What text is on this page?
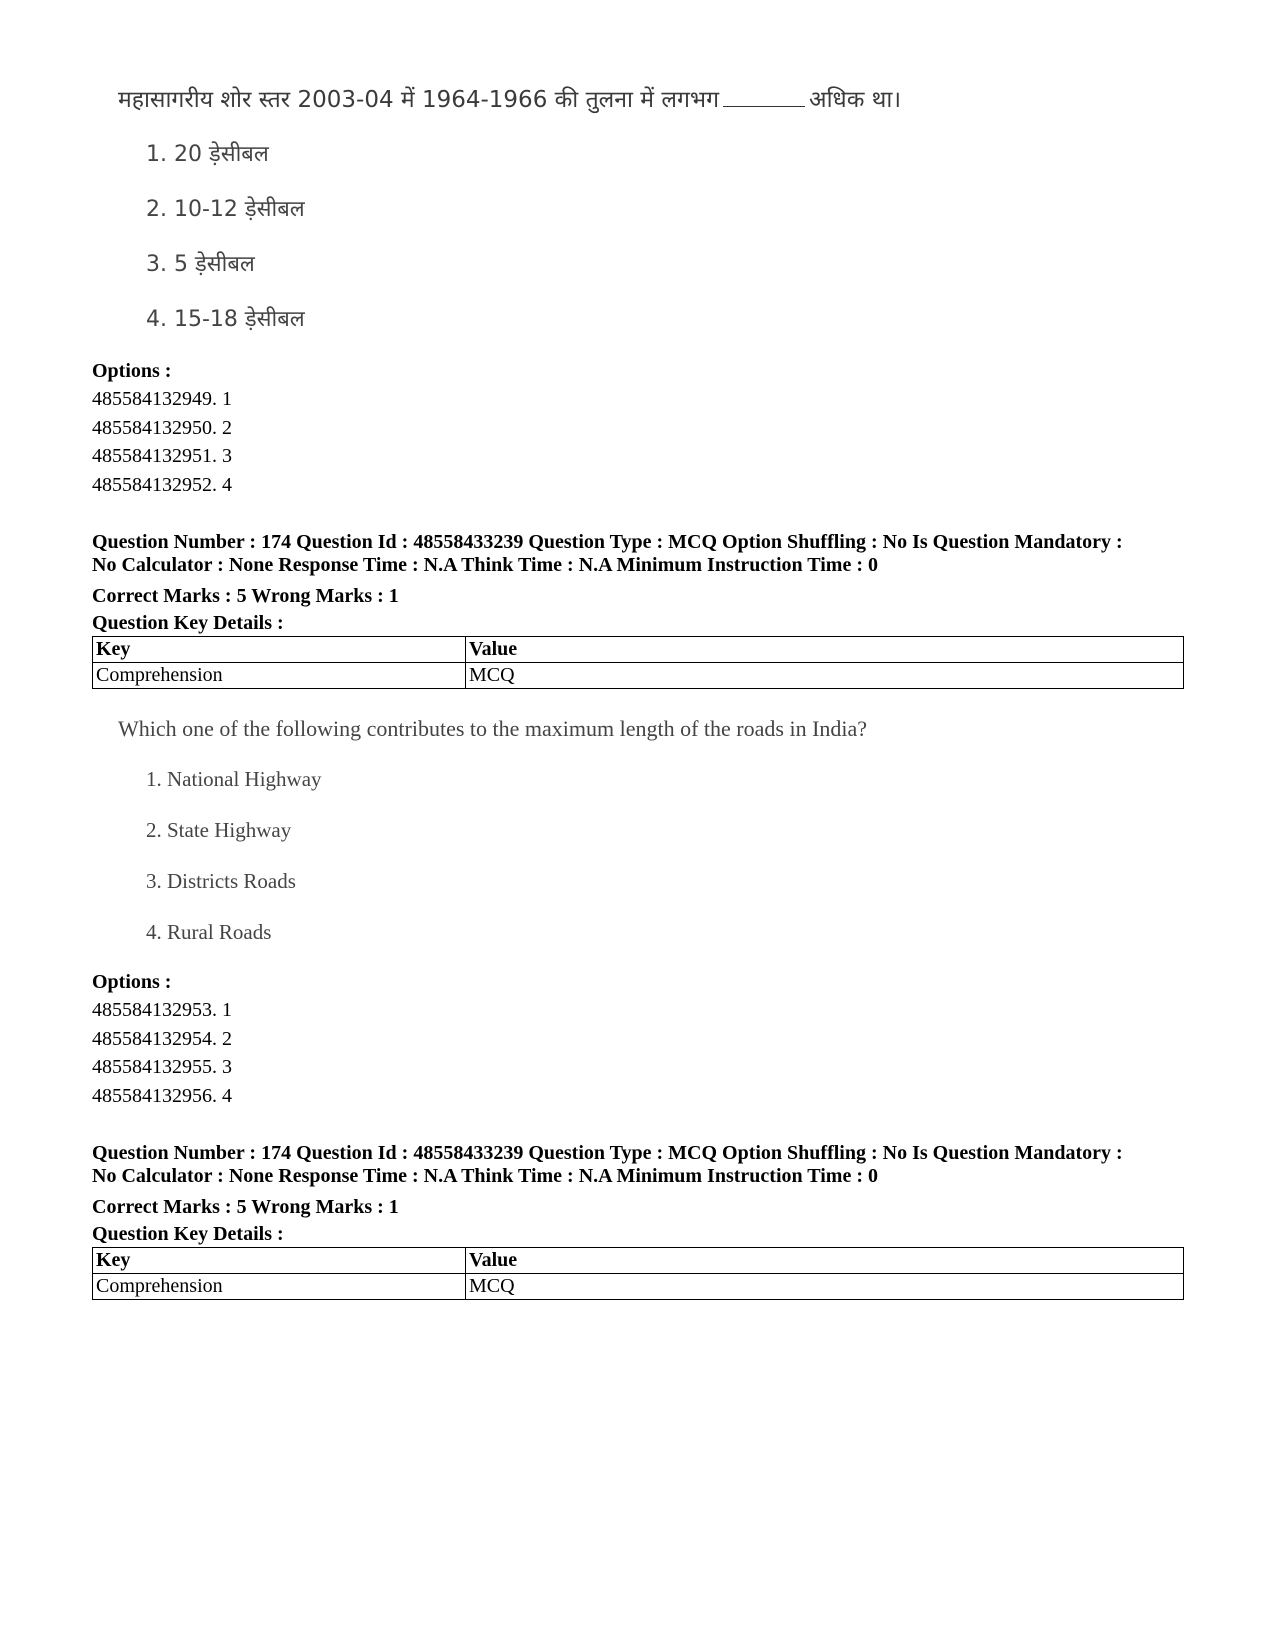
महासागरीय शोर स्तर 2003-04 में 1964-1966 की तुलना में लगभग	अधिक था।

1. 20 ड़ेसीबल

2. 10-12 ड़ेसीबल

3. 5 ड़ेसीबल

4. 15-18 ड़ेसीबल

Options :

485584132949. 1

485584132950. 2

485584132951. 3

485584132952. 4

Question Number : 174 Question Id : 48558433239 Question Type : MCQ Option Shuffling : No Is Question Mandatory :

No Calculator : None Response Time : N.A Think Time : N.A Minimum Instruction Time : 0

Correct Marks : 5 Wrong Marks : 1

Question Key Details :

Key	Value
Comprehension	MCQ

Which one of the following contributes to the maximum length of the roads in India?

1. National Highway

2. State Highway

3. Districts Roads

4. Rural Roads

Options :

485584132953. 1

485584132954. 2

485584132955. 3

485584132956. 4

Question Number : 174 Question Id : 48558433239 Question Type : MCQ Option Shuffling : No Is Question Mandatory :

No Calculator : None Response Time : N.A Think Time : N.A Minimum Instruction Time : 0

Correct Marks : 5 Wrong Marks : 1

Question Key Details :

Key	Value
Comprehension	MCQ
